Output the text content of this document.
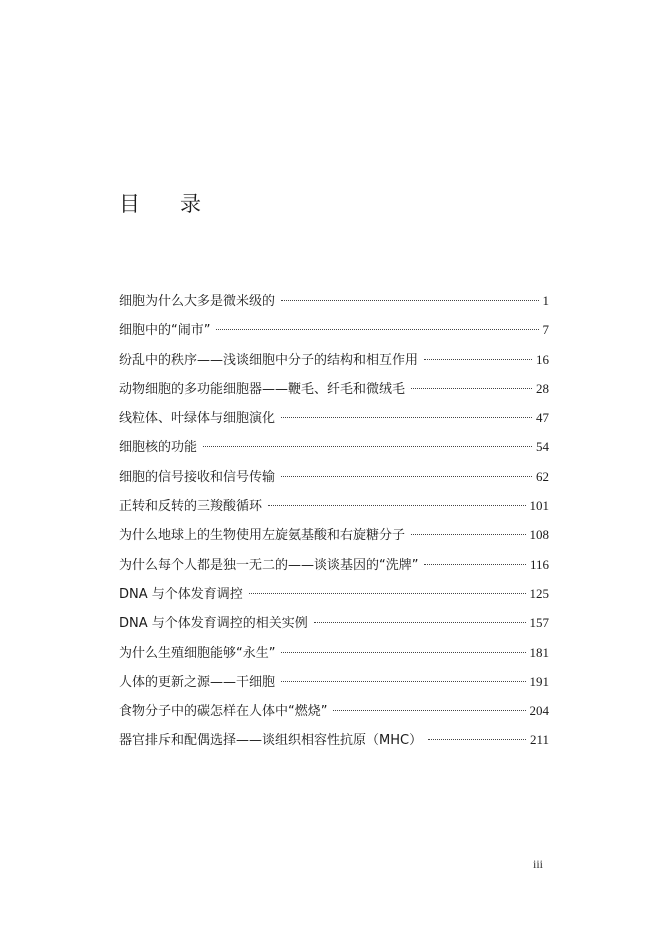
目 录
细胞为什么大多是微米级的	1
细胞中的“闹市”	7
纷乱中的秩序——浅谈细胞中分子的结构和相互作用	16
动物细胞的多功能细胞器——鞭毛、纤毛和微绒毛	28
线粒体、叶绿体与细胞演化	47
细胞核的功能	54
细胞的信号接收和信号传输	62
正转和反转的三羧酸循环	101
为什么地球上的生物使用左旋氨基酸和右旋糖分子	108
为什么每个人都是独一无二的——谈谈基因的“洗牌”	116
DNA 与个体发育调控	125
DNA 与个体发育调控的相关实例	157
为什么生殖细胞能够“永生”	181
人体的更新之源——干细胞	191
食物分子中的碳怎样在人体中“燃烧”	204
器官排斥和配偶选择——谈组织相容性抗原（MHC）	211
iii
